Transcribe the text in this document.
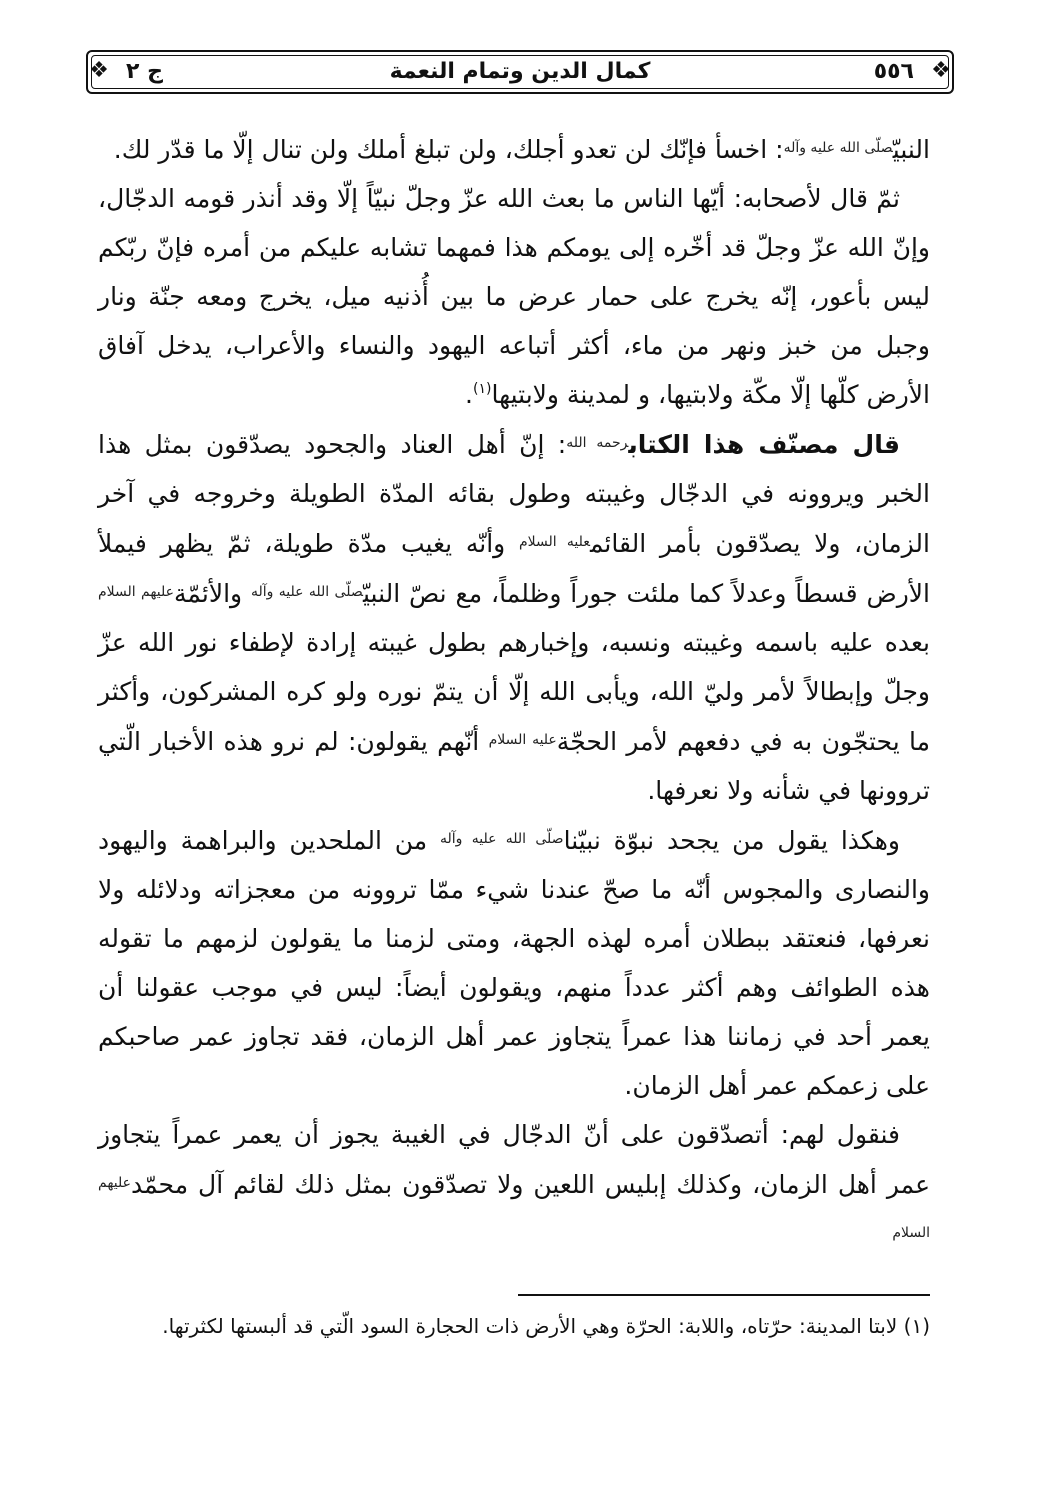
❖
❖	٥٥٦
كمال الدين وتمام النعمة
ج ٢

النبيّ$^{صلّى الله عليه وآله}$: اخسأ فإنّك لن تعدو أجلك، ولن تبلغ أملك ولن تنال إلّا ما قدّر لك.

ثمّ قال لأصحابه: أيّها الناس ما بعث الله عزّ وجلّ نبيّاً إلّا وقد أنذر قومه الدجّال، وإنّ الله عزّ وجلّ قد أخّره إلى يومكم هذا فمهما تشابه عليكم من أمره فإنّ ربّكم ليس بأعور، إنّه يخرج على حمار عرض ما بين أُذنيه ميل، يخرج ومعه جنّة ونار وجبل من خبز ونهر من ماء، أكثر أتباعه اليهود والنساء والأعراب، يدخل آفاق الأرض كلّها إلّا مكّة ولابتيها، و لمدينة ولابتيها$^{(١)}$.

قال مصنّف هذا الكتاب$^{رحمه الله}$: إنّ أهل العناد والجحود يصدّقون بمثل هذا الخبر ويروونه في الدجّال وغيبته وطول بقائه المدّة الطويلة وخروجه في آخر الزمان، ولا يصدّقون بأمر القائم$^{عليه السلام}$ وأنّه يغيب مدّة طويلة، ثمّ يظهر فيملأ الأرض قسطاً وعدلاً كما ملئت جوراً وظلماً، مع نصّ النبيّ$^{صلّى الله عليه وآله}$ والأئمّة$^{عليهم السلام}$ بعده عليه باسمه وغيبته ونسبه، وإخبارهم بطول غيبته إرادة لإطفاء نور الله عزّ وجلّ وإبطالاً لأمر وليّ الله، ويأبى الله إلّا أن يتمّ نوره ولو كره المشركون، وأكثر ما يحتجّون به في دفعهم لأمر الحجّة$^{عليه السلام}$ أنّهم يقولون: لم نرو هذه الأخبار الّتي تروونها في شأنه ولا نعرفها.

وهكذا يقول من يجحد نبوّة نبيّنا$^{صلّى الله عليه وآله}$ من الملحدين والبراهمة واليهود والنصارى والمجوس أنّه ما صحّ عندنا شيء ممّا تروونه من معجزاته ودلائله ولا نعرفها، فنعتقد ببطلان أمره لهذه الجهة، ومتى لزمنا ما يقولون لزمهم ما تقوله هذه الطوائف وهم أكثر عدداً منهم، ويقولون أيضاً: ليس في موجب عقولنا أن يعمر أحد في زماننا هذا عمراً يتجاوز عمر أهل الزمان، فقد تجاوز عمر صاحبكم على زعمكم عمر أهل الزمان.

فنقول لهم: أتصدّقون على أنّ الدجّال في الغيبة يجوز أن يعمر عمراً يتجاوز عمر أهل الزمان، وكذلك إبليس اللعين ولا تصدّقون بمثل ذلك لقائم آل محمّد$^{عليهم السلام}$

(١) لابتا المدينة: حرّتاه، واللابة: الحرّة وهي الأرض ذات الحجارة السود الّتي قد ألبستها لكثرتها.
